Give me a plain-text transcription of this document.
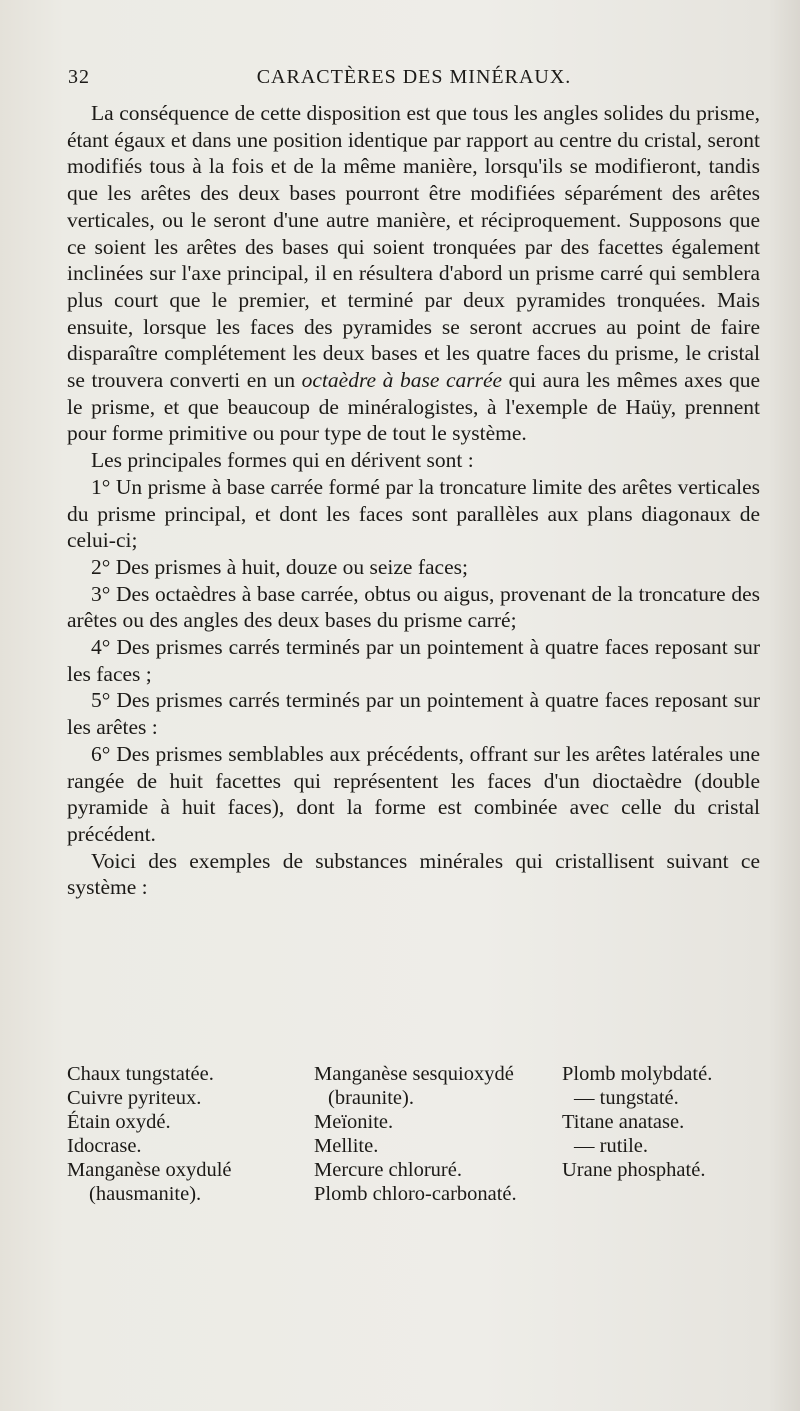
32	CARACTÈRES DES MINÉRAUX.

La conséquence de cette disposition est que tous les angles solides du prisme, étant égaux et dans une position identique par rapport au centre du cristal, seront modifiés tous à la fois et de la même manière, lorsqu'ils se modifieront, tandis que les arêtes des deux bases pourront être modifiées séparément des arêtes verticales, ou le seront d'une autre manière, et réciproquement. Supposons que ce soient les arêtes des bases qui soient tronquées par des facettes également inclinées sur l'axe principal, il en résultera d'abord un prisme carré qui semblera plus court que le premier, et terminé par deux pyramides tronquées. Mais ensuite, lorsque les faces des pyramides se seront accrues au point de faire disparaître complétement les deux bases et les quatre faces du prisme, le cristal se trouvera converti en un octaèdre à base carrée qui aura les mêmes axes que le prisme, et que beaucoup de minéralogistes, à l'exemple de Haüy, prennent pour forme primitive ou pour type de tout le système.

Les principales formes qui en dérivent sont :

1° Un prisme à base carrée formé par la troncature limite des arêtes verticales du prisme principal, et dont les faces sont parallèles aux plans diagonaux de celui-ci;

2° Des prismes à huit, douze ou seize faces;

3° Des octaèdres à base carrée, obtus ou aigus, provenant de la troncature des arêtes ou des angles des deux bases du prisme carré;

4° Des prismes carrés terminés par un pointement à quatre faces reposant sur les faces ;

5° Des prismes carrés terminés par un pointement à quatre faces reposant sur les arêtes :

6° Des prismes semblables aux précédents, offrant sur les arêtes latérales une rangée de huit facettes qui représentent les faces d'un dioctaèdre (double pyramide à huit faces), dont la forme est combinée avec celle du cristal précédent.

Voici des exemples de substances minérales qui cristallisent suivant ce système :

Chaux tungstatée.
Cuivre pyriteux.
Étain oxydé.
Idocrase.
Manganèse oxydulé
(hausmanite).
Manganèse sesquioxydé
(braunite).
Meïonite.
Mellite.
Mercure chloruré.
Plomb chloro-carbonaté.
Plomb molybdaté.
— tungstaté.
Titane anatase.
— rutile.
Urane phosphaté.
